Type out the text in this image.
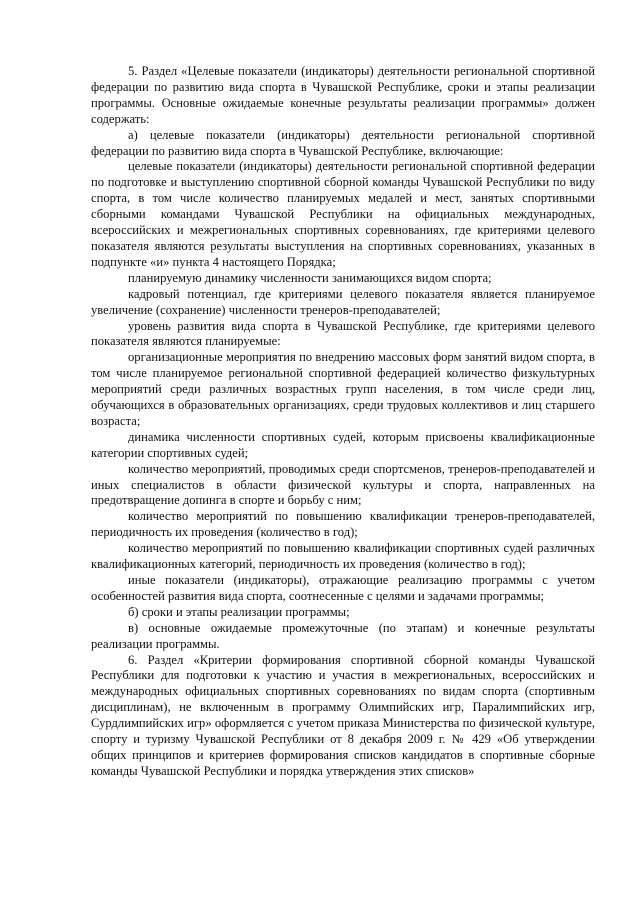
5. Раздел «Целевые показатели (индикаторы) деятельности региональной спортивной федерации по развитию вида спорта в Чувашской Республике, сроки и этапы реализации программы. Основные ожидаемые конечные результаты реализации программы» должен содержать:

а) целевые показатели (индикаторы) деятельности региональной спортивной федерации по развитию вида спорта в Чувашской Республике, включающие:

целевые показатели (индикаторы) деятельности региональной спортивной федерации по подготовке и выступлению спортивной сборной команды Чувашской Республики по виду спорта, в том числе количество планируемых медалей и мест, занятых спортивными сборными командами Чувашской Республики на официальных международных, всероссийских и межрегиональных спортивных соревнованиях, где критериями целевого показателя являются результаты выступления на спортивных соревнованиях, указанных в подпункте «и» пункта 4 настоящего Порядка;

планируемую динамику численности занимающихся видом спорта;

кадровый потенциал, где критериями целевого показателя является планируемое увеличение (сохранение) численности тренеров-преподавателей;

уровень развития вида спорта в Чувашской Республике, где критериями целевого показателя являются планируемые:

организационные мероприятия по внедрению массовых форм занятий видом спорта, в том числе планируемое региональной спортивной федерацией количество физкультурных мероприятий среди различных возрастных групп населения, в том числе среди лиц, обучающихся в образовательных организациях, среди трудовых коллективов и лиц старшего возраста;

динамика численности спортивных судей, которым присвоены квалификационные категории спортивных судей;

количество мероприятий, проводимых среди спортсменов, тренеров-преподавателей и иных специалистов в области физической культуры и спорта, направленных на предотвращение допинга в спорте и борьбу с ним;

количество мероприятий по повышению квалификации тренеров-преподавателей, периодичность их проведения (количество в год);

количество мероприятий по повышению квалификации спортивных судей различных квалификационных категорий, периодичность их проведения (количество в год);

иные показатели (индикаторы), отражающие реализацию программы с учетом особенностей развития вида спорта, соотнесенные с целями и задачами программы;

б) сроки и этапы реализации программы;

в) основные ожидаемые промежуточные (по этапам) и конечные результаты реализации программы.

6. Раздел «Критерии формирования спортивной сборной команды Чувашской Республики для подготовки к участию и участия в межрегиональных, всероссийских и международных официальных спортивных соревнованиях по видам спорта (спортивным дисциплинам), не включенным в программу Олимпийских игр, Паралимпийских игр, Сурдлимпийских игр» оформляется с учетом приказа Министерства по физической культуре, спорту и туризму Чувашской Республики от 8 декабря 2009 г. № 429 «Об утверждении общих принципов и критериев формирования списков кандидатов в спортивные сборные команды Чувашской Республики и порядка утверждения этих списков»
